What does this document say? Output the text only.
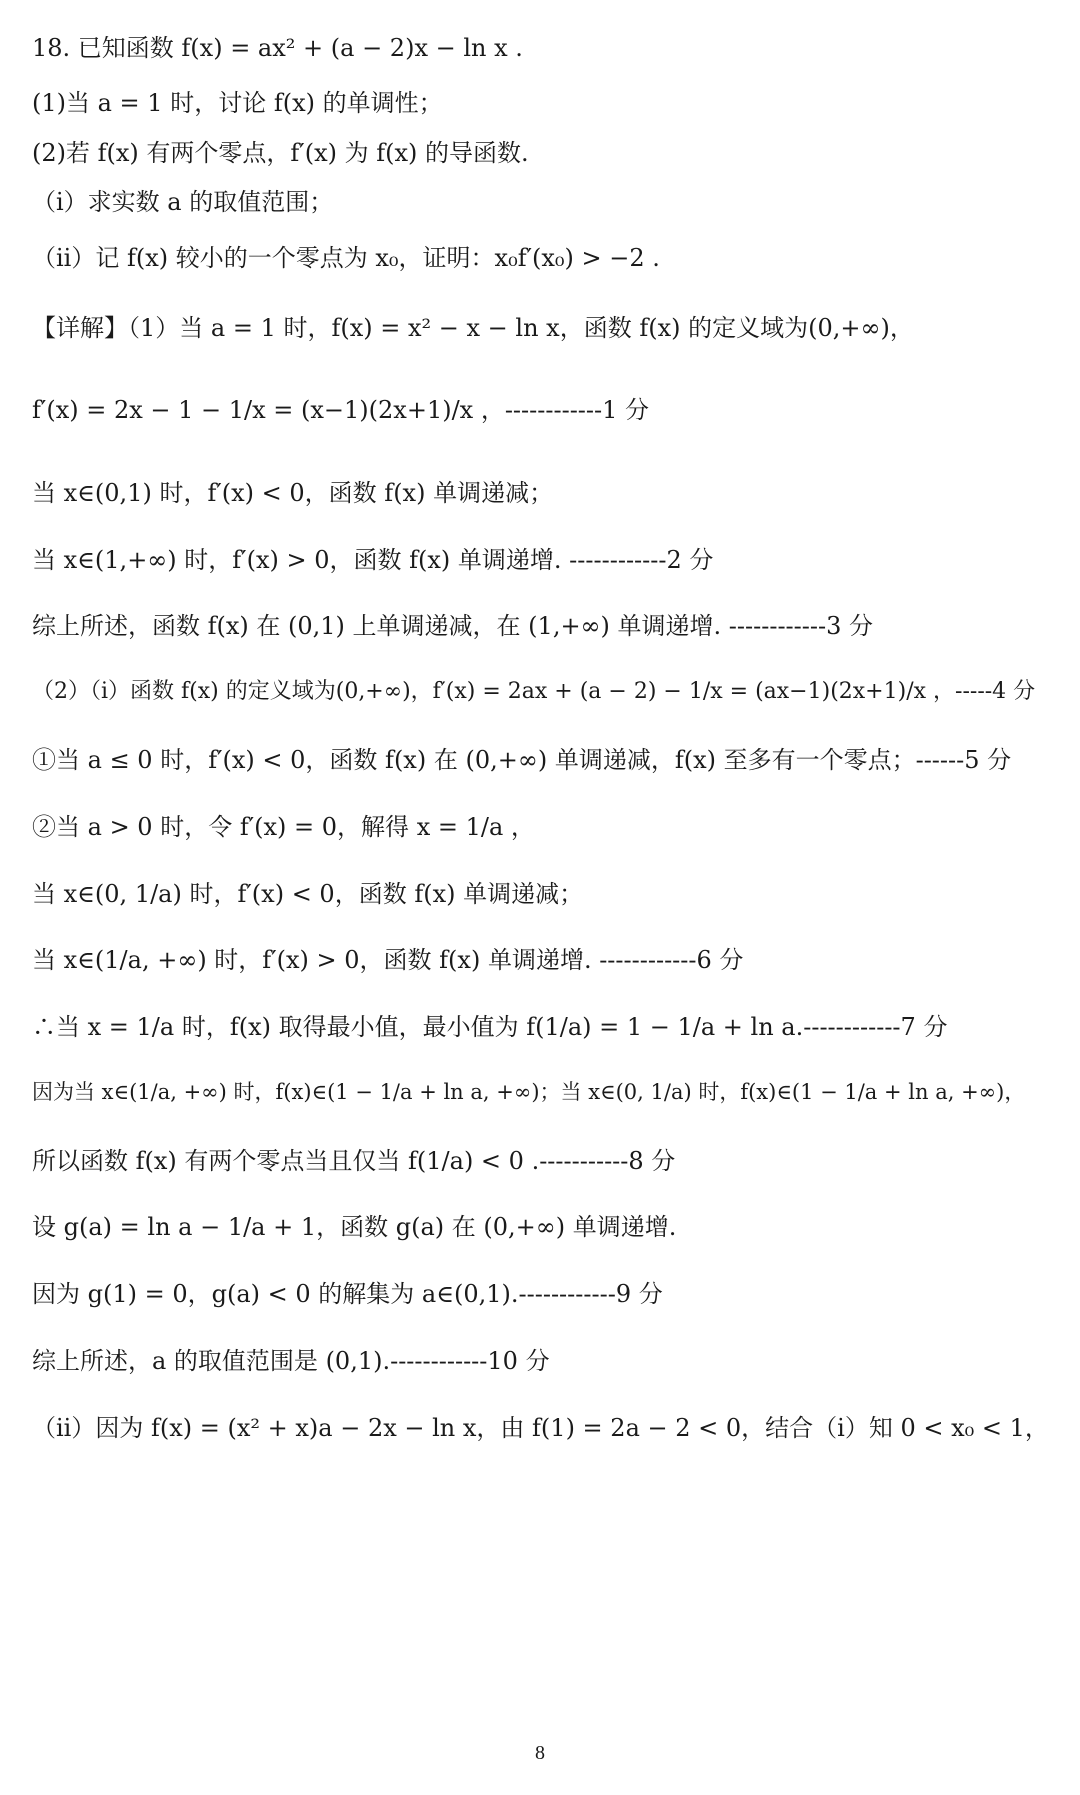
18. 已知函数 f(x) = ax² + (a − 2)x − ln x .
(1)当 a = 1 时，讨论 f(x) 的单调性；
(2)若 f(x) 有两个零点，f′(x) 为 f(x) 的导函数.
（i）求实数 a 的取值范围；
（ii）记 f(x) 较小的一个零点为 x₀，证明：x₀f′(x₀) > −2 .
【详解】（1）当 a = 1 时，f(x) = x² − x − ln x，函数 f(x) 的定义域为(0,+∞)，
f′(x) = 2x − 1 − 1/x = (x−1)(2x+1)/x ，------------1 分
当 x∈(0,1) 时，f′(x) < 0，函数 f(x) 单调递减；
当 x∈(1,+∞) 时，f′(x) > 0，函数 f(x) 单调递增. ------------2 分
综上所述，函数 f(x) 在 (0,1) 上单调递减，在 (1,+∞) 单调递增. ------------3 分
（2）（i）函数 f(x) 的定义域为(0,+∞)，f′(x) = 2ax + (a − 2) − 1/x = (ax−1)(2x+1)/x ，-----4 分
①当 a ≤ 0 时，f′(x) < 0，函数 f(x) 在 (0,+∞) 单调递减，f(x) 至多有一个零点；------5 分
②当 a > 0 时，令 f′(x) = 0，解得 x = 1/a ，
当 x∈(0, 1/a) 时，f′(x) < 0，函数 f(x) 单调递减；
当 x∈(1/a, +∞) 时，f′(x) > 0，函数 f(x) 单调递增. ------------6 分
∴当 x = 1/a 时，f(x) 取得最小值，最小值为 f(1/a) = 1 − 1/a + ln a.------------7 分
因为当 x∈(1/a, +∞) 时，f(x)∈(1 − 1/a + ln a, +∞)；当 x∈(0, 1/a) 时，f(x)∈(1 − 1/a + ln a, +∞)，
所以函数 f(x) 有两个零点当且仅当 f(1/a) < 0 .-----------8 分
设 g(a) = ln a − 1/a + 1，函数 g(a) 在 (0,+∞) 单调递增.
因为 g(1) = 0，g(a) < 0 的解集为 a∈(0,1).------------9 分
综上所述，a 的取值范围是 (0,1).------------10 分
（ii）因为 f(x) = (x² + x)a − 2x − ln x，由 f(1) = 2a − 2 < 0，结合（i）知 0 < x₀ < 1，
8
